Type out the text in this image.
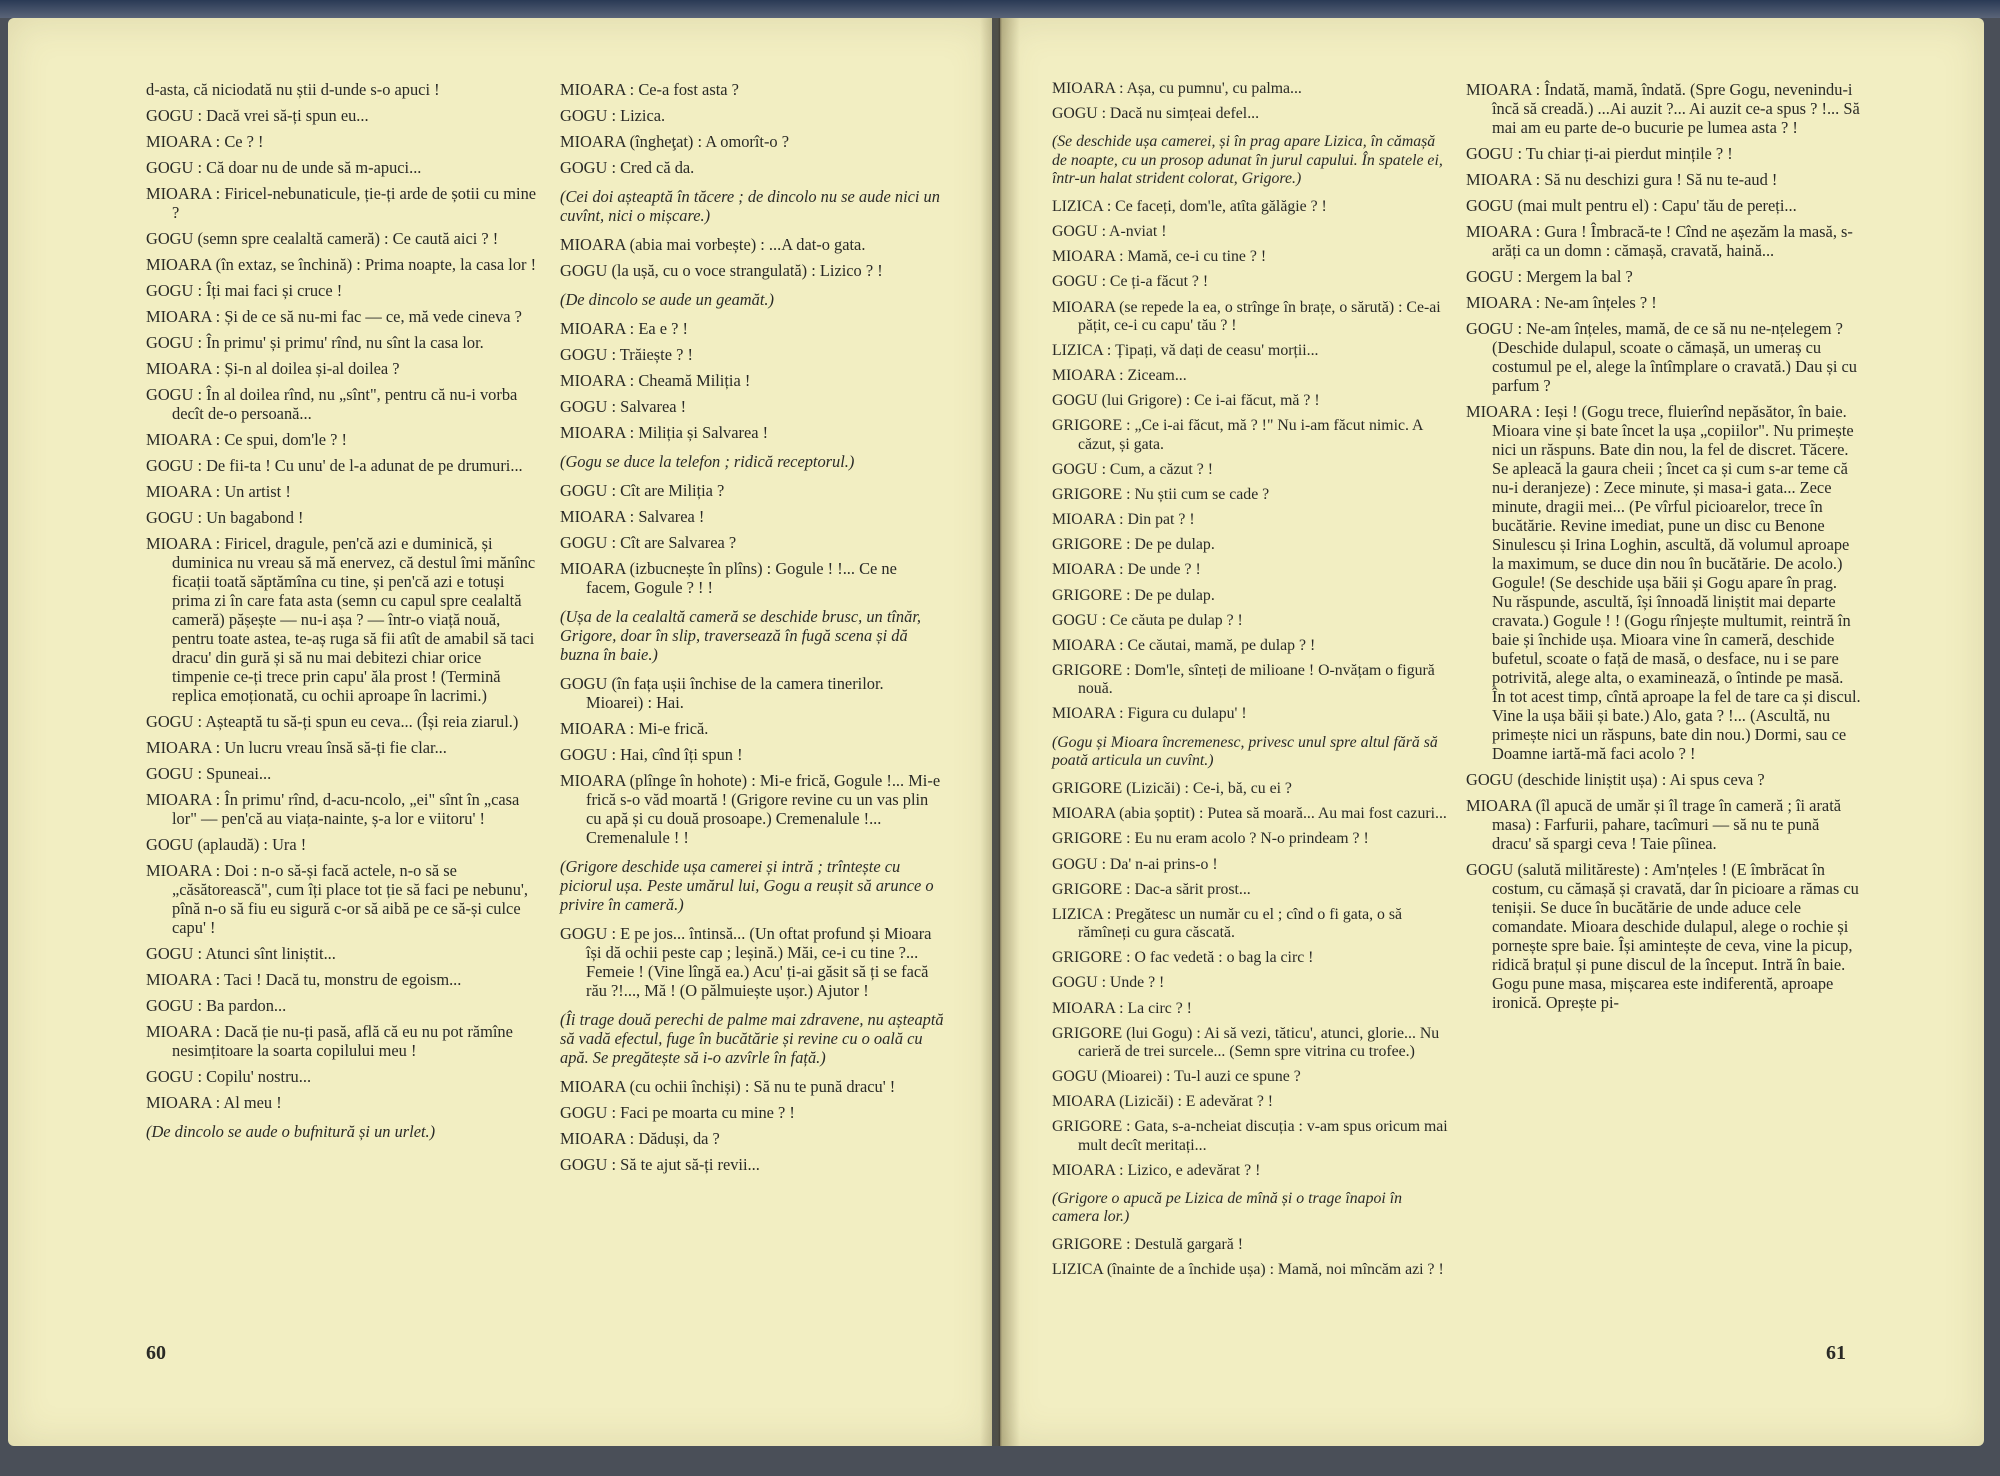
d-asta, că niciodată nu știi d-unde s-o apuci !

GOGU : Dacă vrei să-ți spun eu...

MIOARA : Ce ? !

GOGU : Că doar nu de unde să m-apuci...

MIOARA : Firicel-nebunaticule, ție-ți arde de șotii cu mine ?

GOGU (semn spre cealaltă cameră) : Ce caută aici ? !

MIOARA (în extaz, se închină) : Prima noapte, la casa lor !

GOGU : Îți mai faci și cruce !

MIOARA : Și de ce să nu-mi fac — ce, mă vede cineva ?

GOGU : În primu' și primu' rînd, nu sînt la casa lor.

MIOARA : Și-n al doilea și-al doilea ?

GOGU : În al doilea rînd, nu „sînt", pentru că nu-i vorba decît de-o persoană...

MIOARA : Ce spui, dom'le ? !

GOGU : De fii-ta ! Cu unu' de l-a adunat de pe drumuri...

MIOARA : Un artist !

GOGU : Un bagabond !

MIOARA : Firicel, dragule, pen'că azi e duminică, și duminica nu vreau să mă enervez, că destul îmi mănînc ficații toată săptămîna cu tine, și pen'că azi e totuși prima zi în care fata asta (semn cu capul spre cealaltă cameră) pășește — nu-i așa ? — într-o viață nouă, pentru toate astea, te-aș ruga să fii atît de amabil să taci dracu' din gură și să nu mai debitezi chiar orice timpenie ce-ți trece prin capu' ăla prost ! (Termină replica emoționată, cu ochii aproape în lacrimi.)

GOGU : Așteaptă tu să-ți spun eu ceva... (Își reia ziarul.)

MIOARA : Un lucru vreau însă să-ți fie clar...

GOGU : Spuneai...

MIOARA : În primu' rînd, d-acu-ncolo, „ei" sînt în „casa lor" — pen'că au viața-nainte, ș-a lor e viitoru' !

GOGU (aplaudă) : Ura !

MIOARA : Doi : n-o să-și facă actele, n-o să se „căsătorească", cum îți place tot ție să faci pe nebunu', pînă n-o să fiu eu sigură c-or să aibă pe ce să-și culce capu' !

GOGU : Atunci sînt liniștit...

MIOARA : Taci ! Dacă tu, monstru de egoism...

GOGU : Ba pardon...

MIOARA : Dacă ție nu-ți pasă, află că eu nu pot rămîne nesimțitoare la soarta copilului meu !

GOGU : Copilu' nostru...

MIOARA : Al meu !

(De dincolo se aude o bufnitură și un urlet.)

MIOARA : Ce-a fost asta ?

GOGU : Lizica.

MIOARA (îngheţat) : A omorît-o ?

GOGU : Cred că da.

(Cei doi așteaptă în tăcere ; de dincolo nu se aude nici un cuvînt, nici o mișcare.)

MIOARA (abia mai vorbește) : ...A dat-o gata.

GOGU (la ușă, cu o voce strangulată) : Lizico ? !

(De dincolo se aude un geamăt.)

MIOARA : Ea e ? !

GOGU : Trăiește ? !

MIOARA : Cheamă Miliția !

GOGU : Salvarea !

MIOARA : Miliția și Salvarea !

(Gogu se duce la telefon ; ridică receptorul.)

GOGU : Cît are Miliția ?

MIOARA : Salvarea !

GOGU : Cît are Salvarea ?

MIOARA (izbucnește în plîns) : Gogule ! !... Ce ne facem, Gogule ? ! !

(Ușa de la cealaltă cameră se deschide brusc, un tînăr, Grigore, doar în slip, traversează în fugă scena și dă buzna în baie.)

GOGU (în fața ușii închise de la camera tinerilor. Mioarei) : Hai.

MIOARA : Mi-e frică.

GOGU : Hai, cînd îți spun !

MIOARA (plînge în hohote) : Mi-e frică, Gogule !... Mi-e frică s-o văd moartă ! (Grigore revine cu un vas plin cu apă și cu două prosoape.) Cremenalule !... Cremenalule ! !

(Grigore deschide ușa camerei și intră ; trîntește cu piciorul ușa. Peste umărul lui, Gogu a reușit să arunce o privire în cameră.)

GOGU : E pe jos... întinsă... (Un oftat profund și Mioara își dă ochii peste cap ; leșină.) Măi, ce-i cu tine ?... Femeie ! (Vine lîngă ea.) Acu' ți-ai găsit să ți se facă rău ?!..., Mă ! (O pălmuiește ușor.) Ajutor !

(Îi trage două perechi de palme mai zdravene, nu așteaptă să vadă efectul, fuge în bucătărie și revine cu o oală cu apă. Se pregătește să i-o azvîrle în față.)

MIOARA (cu ochii închiși) : Să nu te pună dracu' !

GOGU : Faci pe moarta cu mine ? !

MIOARA : Dăduși, da ?

GOGU : Să te ajut să-ți revii...

MIOARA : Așa, cu pumnu', cu palma...

GOGU : Dacă nu simțeai defel...

(Se deschide ușa camerei, și în prag apare Lizica, în cămașă de noapte, cu un prosop adunat în jurul capului. În spatele ei, într-un halat strident colorat, Grigore.)

LIZICA : Ce faceți, dom'le, atîta gălăgie ? !

GOGU : A-nviat !

MIOARA : Mamă, ce-i cu tine ? !

GOGU : Ce ți-a făcut ? !

MIOARA (se repede la ea, o strînge în brațe, o sărută) : Ce-ai pățit, ce-i cu capu' tău ? !

LIZICA : Țipați, vă dați de ceasu' morții...

MIOARA : Ziceam...

GOGU (lui Grigore) : Ce i-ai făcut, mă ? !

GRIGORE : „Ce i-ai făcut, mă ? !" Nu i-am făcut nimic. A căzut, și gata.

GOGU : Cum, a căzut ? !

GRIGORE : Nu știi cum se cade ?

MIOARA : Din pat ? !

GRIGORE : De pe dulap.

MIOARA : De unde ? !

GRIGORE : De pe dulap.

GOGU : Ce căuta pe dulap ? !

MIOARA : Ce căutai, mamă, pe dulap ? !

GRIGORE : Dom'le, sînteți de milioane ! O-nvățam o figură nouă.

MIOARA : Figura cu dulapu' !

(Gogu și Mioara încremenesc, privesc unul spre altul fără să poată articula un cuvînt.)

GRIGORE (Lizicăi) : Ce-i, bă, cu ei ?

MIOARA (abia șoptit) : Putea să moară... Au mai fost cazuri...

GRIGORE : Eu nu eram acolo ? N-o prindeam ? !

GOGU : Da' n-ai prins-o !

GRIGORE : Dac-a sărit prost...

LIZICA : Pregătesc un număr cu el ; cînd o fi gata, o să rămîneți cu gura căscată.

GRIGORE : O fac vedetă : o bag la circ !

GOGU : Unde ? !

MIOARA : La circ ? !

GRIGORE (lui Gogu) : Ai să vezi, tăticu', atunci, glorie... Nu carieră de trei surcele... (Semn spre vitrina cu trofee.)

GOGU (Mioarei) : Tu-l auzi ce spune ?

MIOARA (Lizicăi) : E adevărat ? !

GRIGORE : Gata, s-a-ncheiat discuția : v-am spus oricum mai mult decît meritați...

MIOARA : Lizico, e adevărat ? !

(Grigore o apucă pe Lizica de mînă și o trage înapoi în camera lor.)

GRIGORE : Destulă gargară !

LIZICA (înainte de a închide ușa) : Mamă, noi mîncăm azi ? !

MIOARA : Îndată, mamă, îndată. (Spre Gogu, nevenindu-i încă să creadă.) ...Ai auzit ?... Ai auzit ce-a spus ? !... Să mai am eu parte de-o bucurie pe lumea asta ? !

GOGU : Tu chiar ți-ai pierdut mințile ? !

MIOARA : Să nu deschizi gura ! Să nu te-aud !

GOGU (mai mult pentru el) : Capu' tău de pereți...

MIOARA : Gura ! Îmbracă-te ! Cînd ne așezăm la masă, s-arăți ca un domn : cămașă, cravată, haină...

GOGU : Mergem la bal ?

MIOARA : Ne-am înțeles ? !

GOGU : Ne-am înțeles, mamă, de ce să nu ne-nțelegem ? (Deschide dulapul, scoate o cămașă, un umeraș cu costumul pe el, alege la întîmplare o cravată.) Dau și cu parfum ?

MIOARA : Ieși ! (Gogu trece, fluierînd nepăsător, în baie. Mioara vine și bate încet la ușa „copiilor". Nu primește nici un răspuns. Bate din nou, la fel de discret. Tăcere. Se apleacă la gaura cheii ; încet ca și cum s-ar teme că nu-i deranjeze) : Zece minute, și masa-i gata... Zece minute, dragii mei... (Pe vîrful picioarelor, trece în bucătărie. Revine imediat, pune un disc cu Benone Sinulescu și Irina Loghin, ascultă, dă volumul aproape la maximum, se duce din nou în bucătărie. De acolo.) Gogule! (Se deschide ușa băii și Gogu apare în prag. Nu răspunde, ascultă, își înnoadă liniștit mai departe cravata.) Gogule ! ! (Gogu rînjește multumit, reintră în baie și închide ușa. Mioara vine în cameră, deschide bufetul, scoate o față de masă, o desface, nu i se pare potrivită, alege alta, o examinează, o întinde pe masă. În tot acest timp, cîntă aproape la fel de tare ca și discul. Vine la ușa băii și bate.) Alo, gata ? !... (Ascultă, nu primește nici un răspuns, bate din nou.) Dormi, sau ce Doamne iartă-mă faci acolo ? !

GOGU (deschide liniștit ușa) : Ai spus ceva ?

MIOARA (îl apucă de umăr și îl trage în cameră ; îi arată masa) : Farfurii, pahare, tacîmuri — să nu te pună dracu' să spargi ceva ! Taie pîinea.

GOGU (salută milităreste) : Am'nțeles ! (E îmbrăcat în costum, cu cămașă și cravată, dar în picioare a rămas cu tenișii. Se duce în bucătărie de unde aduce cele comandate. Mioara deschide dulapul, alege o rochie și pornește spre baie. Își amintește de ceva, vine la picup, ridică brațul și pune discul de la început. Intră în baie. Gogu pune masa, mișcarea este indiferentă, aproape ironică. Oprește pi-

60	61
